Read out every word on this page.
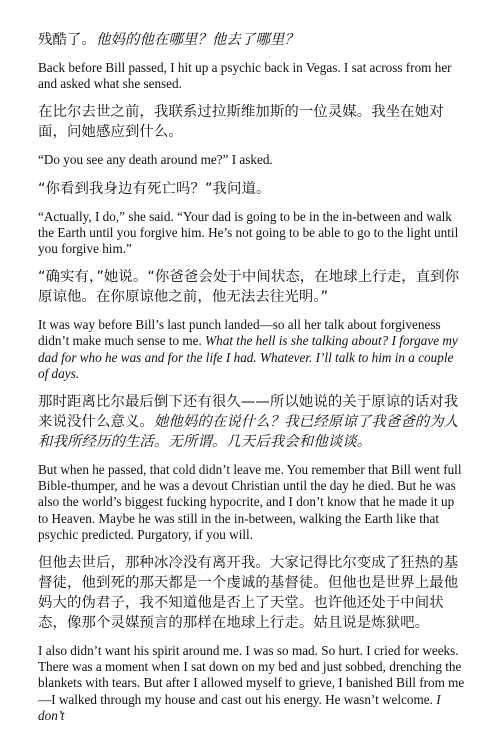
残酷了。他妈的他在哪里？他去了哪里？

Back before Bill passed, I hit up a psychic back in Vegas. I sat across from her and asked what she sensed.

在比尔去世之前，我联系过拉斯维加斯的一位灵媒。我坐在她对面，问她感应到什么。

“Do you see any death around me?” I asked.

“你看到我身边有死亡吗？”我问道。

“Actually, I do,” she said. “Your dad is going to be in the in-between and walk the Earth until you forgive him. He’s not going to be able to go to the light until you forgive him.”

“确实有，”她说。“你爸爸会处于中间状态，在地球上行走，直到你原谅他。在你原谅他之前，他无法去往光明。”

It was way before Bill’s last punch landed—so all her talk about forgiveness didn’t make much sense to me. What the hell is she talking about? I forgave my dad for who he was and for the life I had. Whatever. I’ll talk to him in a couple of days.

那时距离比尔最后倒下还有很久——所以她说的关于原谅的话对我来说没什么意义。她他妈的在说什么？我已经原谅了我爸爸的为人和我所经历的生活。无所谓。几天后我会和他谈谈。

But when he passed, that cold didn’t leave me. You remember that Bill went full Bible-thumper, and he was a devout Christian until the day he died. But he was also the world’s biggest fucking hypocrite, and I don’t know that he made it up to Heaven. Maybe he was still in the in-between, walking the Earth like that psychic predicted. Purgatory, if you will.

但他去世后，那种冰冷没有离开我。大家记得比尔变成了狂热的基督徒，他到死的那天都是一个虔诚的基督徒。但他也是世界上最他妈大的伪君子，我不知道他是否上了天堂。也许他还处于中间状态，像那个灵媒预言的那样在地球上行走。姑且说是炼狱吧。

I also didn’t want his spirit around me. I was so mad. So hurt. I cried for weeks. There was a moment when I sat down on my bed and just sobbed, drenching the blankets with tears. But after I allowed myself to grieve, I banished Bill from me—I walked through my house and cast out his energy. He wasn’t welcome. I don’t
